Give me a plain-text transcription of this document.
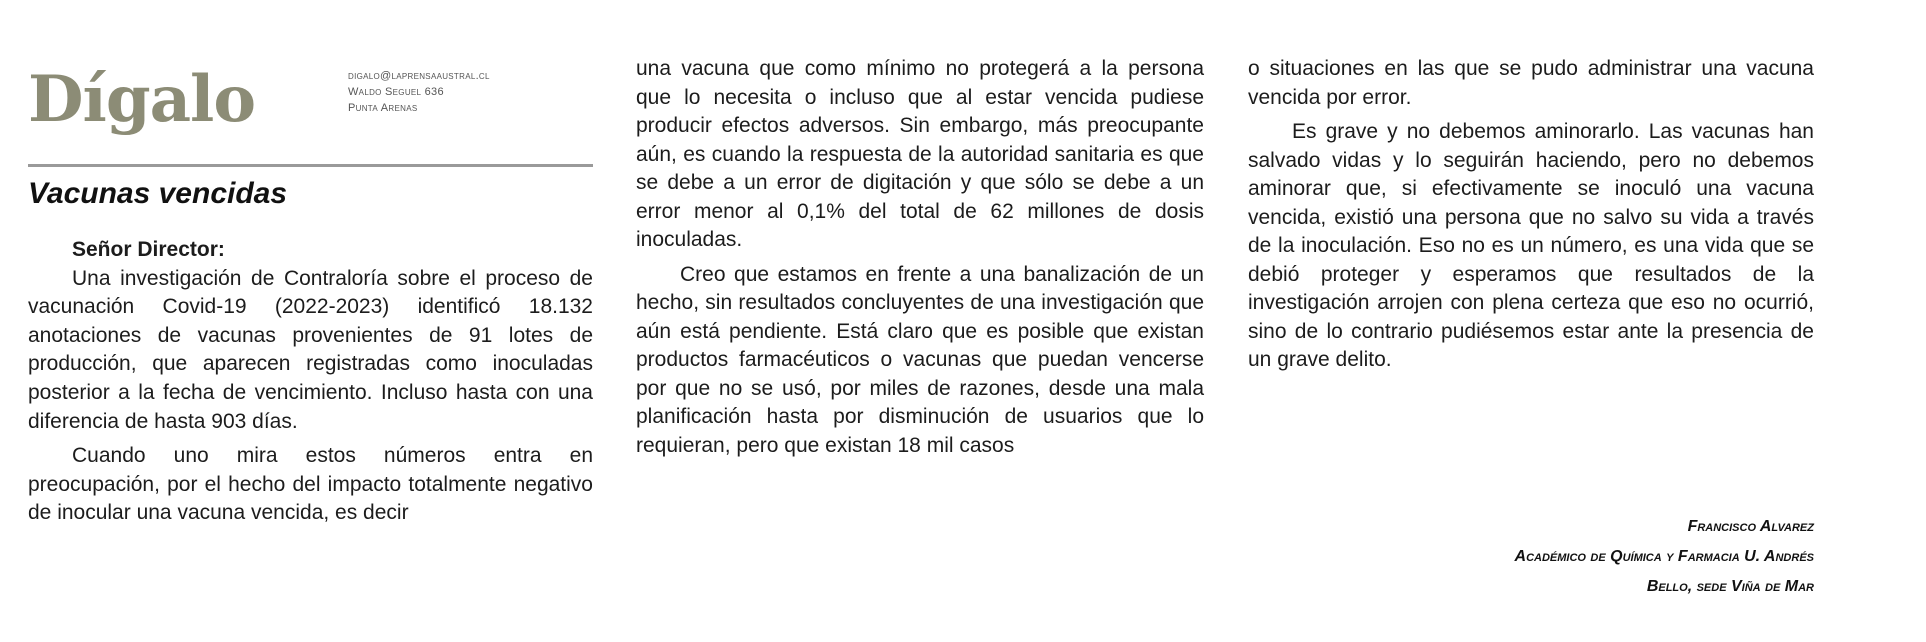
Dígalo	digalo@laprensaaustral.cl
Waldo Seguel 636
Punta Arenas
Vacunas vencidas
Señor Director:

Una investigación de Contraloría sobre el proceso de vacunación Covid-19 (2022-2023) identificó 18.132 anotaciones de vacunas provenientes de 91 lotes de producción, que aparecen registradas como inoculadas posterior a la fecha de vencimiento. Incluso hasta con una diferencia de hasta 903 días.

Cuando uno mira estos números entra en preocupación, por el hecho del impacto totalmente negativo de inocular una vacuna vencida, es decir

una vacuna que como mínimo no protegerá a la persona que lo necesita o incluso que al estar vencida pudiese producir efectos adversos. Sin embargo, más preocupante aún, es cuando la respuesta de la autoridad sanitaria es que se debe a un error de digitación y que sólo se debe a un error menor al 0,1% del total de 62 millones de dosis inoculadas.

Creo que estamos en frente a una banalización de un hecho, sin resultados concluyentes de una investigación que aún está pendiente. Está claro que es posible que existan productos farmacéuticos o vacunas que puedan vencerse por que no se usó, por miles de razones, desde una mala planificación hasta por disminución de usuarios que lo requieran, pero que existan 18 mil casos

o situaciones en las que se pudo administrar una vacuna vencida por error.

Es grave y no debemos aminorarlo. Las vacunas han salvado vidas y lo seguirán haciendo, pero no debemos aminorar que, si efectivamente se inoculó una vacuna vencida, existió una persona que no salvo su vida a través de la inoculación. Eso no es un número, es una vida que se debió proteger y esperamos que resultados de la investigación arrojen con plena certeza que eso no ocurrió, sino de lo contrario pudiésemos estar ante la presencia de un grave delito.

Francisco Alvarez
Académico de Química y Farmacia U. Andrés
Bello, sede Viña de Mar
